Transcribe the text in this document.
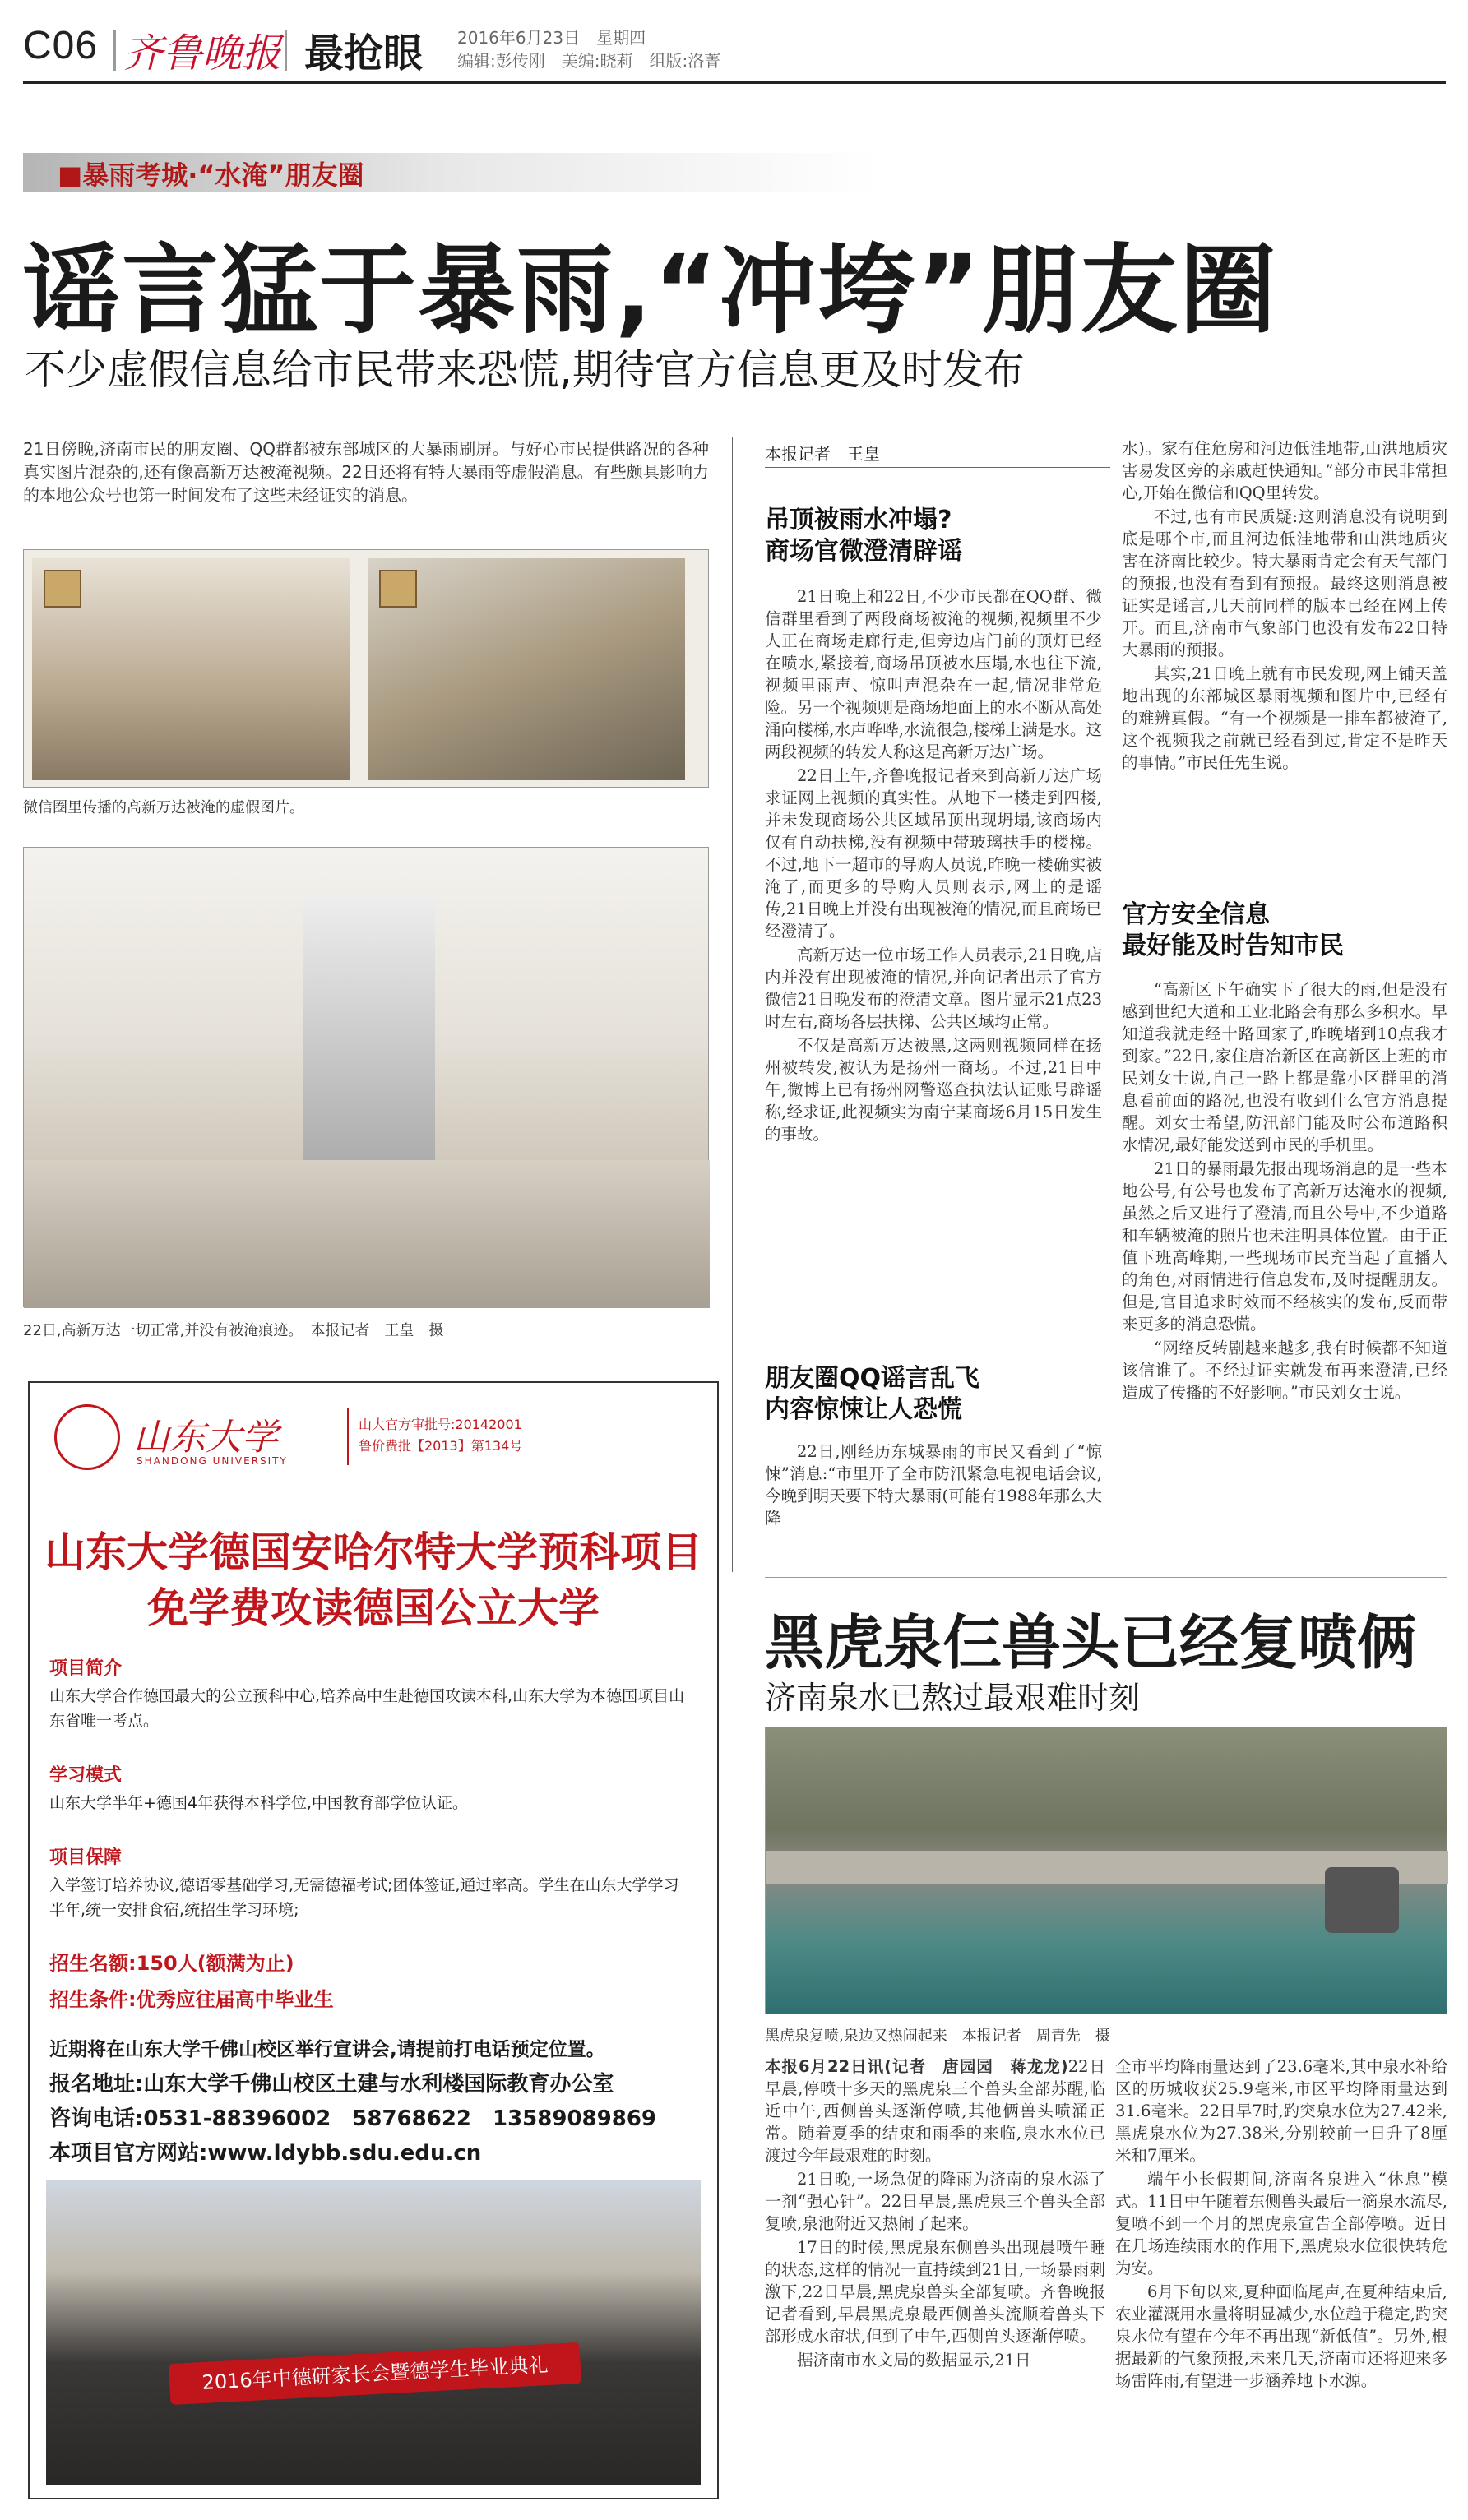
C06 齐鲁晚报 最抢眼 2016年6月23日　星期四
编辑:彭传刚　美编:晓莉　组版:洛菁
■暴雨考城·“水淹”朋友圈
谣言猛于暴雨,“冲垮”朋友圈
不少虚假信息给市民带来恐慌,期待官方信息更及时发布
21日傍晚,济南市民的朋友圈、QQ群都被东部城区的大暴雨刷屏。与好心市民提供路况的各种真实图片混杂的,还有像高新万达被淹视频。22日还将有特大暴雨等虚假消息。有些颇具影响力的本地公众号也第一时间发布了这些未经证实的消息。
微信圈里传播的高新万达被淹的虚假图片。
22日,高新万达一切正常,并没有被淹痕迹。　本报记者　王皇　摄
本报记者　王皇
吊顶被雨水冲塌?
商场官微澄清辟谣

21日晚上和22日,不少市民都在QQ群、微信群里看到了两段商场被淹的视频,视频里不少人正在商场走廊行走,但旁边店门前的顶灯已经在喷水,紧接着,商场吊顶被水压塌,水也往下流,视频里雨声、惊叫声混杂在一起,情况非常危险。另一个视频则是商场地面上的水不断从高处涌向楼梯,水声哗哗,水流很急,楼梯上满是水。这两段视频的转发人称这是高新万达广场。

22日上午,齐鲁晚报记者来到高新万达广场求证网上视频的真实性。从地下一楼走到四楼,并未发现商场公共区域吊顶出现坍塌,该商场内仅有自动扶梯,没有视频中带玻璃扶手的楼梯。不过,地下一超市的导购人员说,昨晚一楼确实被淹了,而更多的导购人员则表示,网上的是谣传,21日晚上并没有出现被淹的情况,而且商场已经澄清了。

高新万达一位市场工作人员表示,21日晚,店内并没有出现被淹的情况,并向记者出示了官方微信21日晚发布的澄清文章。图片显示21点23时左右,商场各层扶梯、公共区域均正常。

不仅是高新万达被黑,这两则视频同样在扬州被转发,被认为是扬州一商场。不过,21日中午,微博上已有扬州网警巡查执法认证账号辟谣称,经求证,此视频实为南宁某商场6月15日发生的事故。

朋友圈QQ谣言乱飞
内容惊悚让人恐慌

22日,刚经历东城暴雨的市民又看到了“惊悚”消息:“市里开了全市防汛紧急电视电话会议,今晚到明天要下特大暴雨(可能有1988年那么大降

水)。家有住危房和河边低洼地带,山洪地质灾害易发区旁的亲戚赶快通知。”部分市民非常担心,开始在微信和QQ里转发。

不过,也有市民质疑:这则消息没有说明到底是哪个市,而且河边低洼地带和山洪地质灾害在济南比较少。特大暴雨肯定会有天气部门的预报,也没有看到有预报。最终这则消息被证实是谣言,几天前同样的版本已经在网上传开。而且,济南市气象部门也没有发布22日特大暴雨的预报。

其实,21日晚上就有市民发现,网上铺天盖地出现的东部城区暴雨视频和图片中,已经有的难辨真假。“有一个视频是一排车都被淹了,这个视频我之前就已经看到过,肯定不是昨天的事情。”市民任先生说。

官方安全信息
最好能及时告知市民

“高新区下午确实下了很大的雨,但是没有感到世纪大道和工业北路会有那么多积水。早知道我就走经十路回家了,昨晚堵到10点我才到家。”22日,家住唐冶新区在高新区上班的市民刘女士说,自己一路上都是靠小区群里的消息看前面的路况,也没有收到什么官方消息提醒。刘女士希望,防汛部门能及时公布道路积水情况,最好能发送到市民的手机里。

21日的暴雨最先报出现场消息的是一些本地公号,有公号也发布了高新万达淹水的视频,虽然之后又进行了澄清,而且公号中,不少道路和车辆被淹的照片也未注明具体位置。由于正值下班高峰期,一些现场市民充当起了直播人的角色,对雨情进行信息发布,及时提醒朋友。但是,官目追求时效而不经核实的发布,反而带来更多的消息恐慌。

“网络反转剧越来越多,我有时候都不知道该信谁了。不经过证实就发布再来澄清,已经造成了传播的不好影响。”市民刘女士说。

山东大学
SHANDONG UNIVERSITY
山大官方审批号:20142001
鲁价费批【2013】第134号
山东大学德国安哈尔特大学预科项目
免学费攻读德国公立大学
项目简介
山东大学合作德国最大的公立预科中心,培养高中生赴德国攻读本科,山东大学为本德国项目山东省唯一考点。
学习模式
山东大学半年+德国4年获得本科学位,中国教育部学位认证。
项目保障
入学签订培养协议,德语零基础学习,无需德福考试;团体签证,通过率高。学生在山东大学学习半年,统一安排食宿,统招生学习环境;
招生名额:150人(额满为止)
招生条件:优秀应往届高中毕业生
近期将在山东大学千佛山校区举行宣讲会,请提前打电话预定位置。
报名地址:山东大学千佛山校区土建与水利楼国际教育办公室
咨询电话:0531-88396002　58768622　13589089869
本项目官方网站:www.ldybb.sdu.edu.cn
2016年中德研家长会暨德学生毕业典礼
黑虎泉仨兽头已经复喷俩
济南泉水已熬过最艰难时刻
黑虎泉复喷,泉边又热闹起来　本报记者　周青先　摄

本报6月22日讯(记者　唐园园　蒋龙龙)22日早晨,停喷十多天的黑虎泉三个兽头全部苏醒,临近中午,西侧兽头逐渐停喷,其他俩兽头喷涌正常。随着夏季的结束和雨季的来临,泉水水位已渡过今年最艰难的时刻。

21日晚,一场急促的降雨为济南的泉水添了一剂“强心针”。22日早晨,黑虎泉三个兽头全部复喷,泉池附近又热闹了起来。

17日的时候,黑虎泉东侧兽头出现晨喷午睡的状态,这样的情况一直持续到21日,一场暴雨刺激下,22日早晨,黑虎泉兽头全部复喷。齐鲁晚报记者看到,早晨黑虎泉最西侧兽头流顺着兽头下部形成水帘状,但到了中午,西侧兽头逐渐停喷。

据济南市水文局的数据显示,21日

全市平均降雨量达到了23.6毫米,其中泉水补给区的历城收获25.9毫米,市区平均降雨量达到31.6毫米。22日早7时,趵突泉水位为27.42米,黑虎泉水位为27.38米,分别较前一日升了8厘米和7厘米。

端午小长假期间,济南各泉进入“休息”模式。11日中午随着东侧兽头最后一滴泉水流尽,复喷不到一个月的黑虎泉宣告全部停喷。近日在几场连续雨水的作用下,黑虎泉水位很快转危为安。

6月下旬以来,夏种面临尾声,在夏种结束后,农业灌溉用水量将明显减少,水位趋于稳定,趵突泉水位有望在今年不再出现“新低值”。另外,根据最新的气象预报,未来几天,济南市还将迎来多场雷阵雨,有望进一步涵养地下水源。
